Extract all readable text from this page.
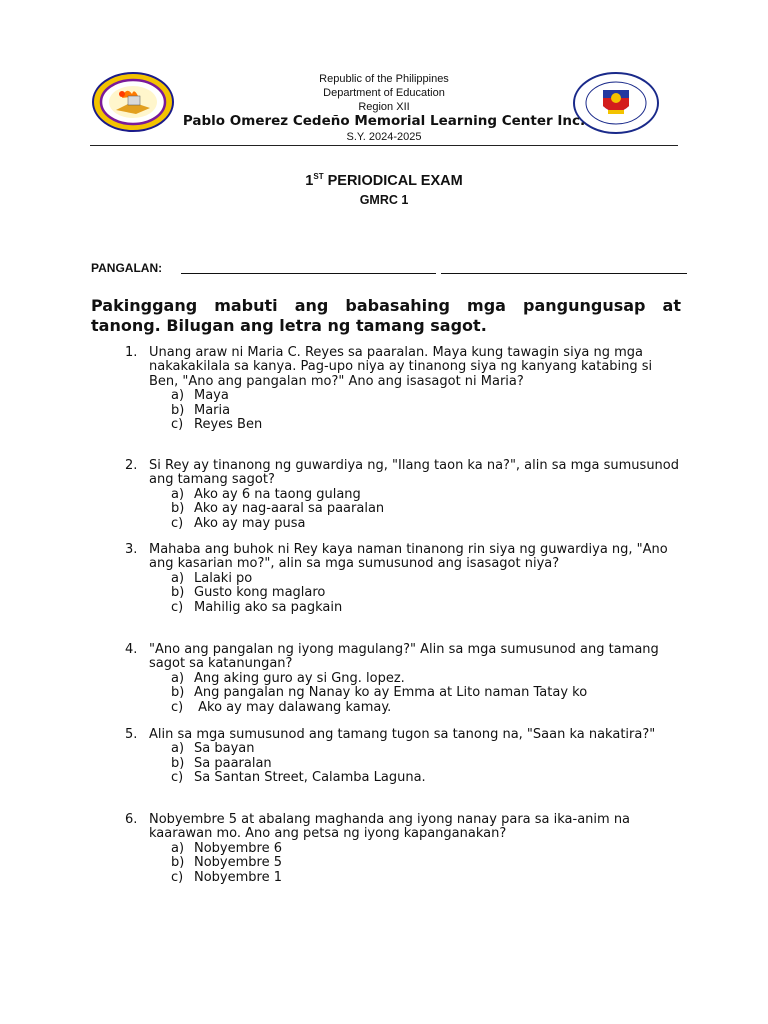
Republic of the Philippines
Department of Education
Region XII
Pablo Omerez Cedeño Memorial Learning Center Inc.
S.Y. 2024-2025
1ST PERIODICAL EXAM
GMRC 1
PANGALAN:
Pakinggang mabuti ang babasahing mga pangungusap at tanong. Bilugan ang letra ng tamang sagot.
1. Unang araw ni Maria C. Reyes sa paaralan. Maya kung tawagin siya ng mga nakakakilala sa kanya. Pag-upo niya ay tinanong siya ng kanyang katabing si Ben, "Ano ang pangalan mo?" Ano ang isasagot ni Maria?
a) Maya
b) Maria
c) Reyes Ben
2. Si Rey ay tinanong ng guwardiya ng, "Ilang taon ka na?", alin sa mga sumusunod ang tamang sagot?
a) Ako ay 6 na taong gulang
b) Ako ay nag-aaral sa paaralan
c) Ako ay may pusa
3. Mahaba ang buhok ni Rey kaya naman tinanong rin siya ng guwardiya ng, "Ano ang kasarian mo?", alin sa mga sumusunod ang isasagot niya?
a) Lalaki po
b) Gusto kong maglaro
c) Mahilig ako sa pagkain
4. "Ano ang pangalan ng iyong magulang?" Alin sa mga sumusunod ang tamang sagot sa katanungan?
a) Ang aking guro ay si Gng. lopez.
b) Ang pangalan ng Nanay ko ay Emma at Lito naman Tatay ko
c) Ako ay may dalawang kamay.
5. Alin sa mga sumusunod ang tamang tugon sa tanong na, "Saan ka nakatira?"
a) Sa bayan
b) Sa paaralan
c) Sa Santan Street, Calamba Laguna.
6. Nobyembre 5 at abalang maghanda ang iyong nanay para sa ika-anim na kaarawan mo. Ano ang petsa ng iyong kapanganakan?
a) Nobyembre 6
b) Nobyembre 5
c) Nobyembre 1
